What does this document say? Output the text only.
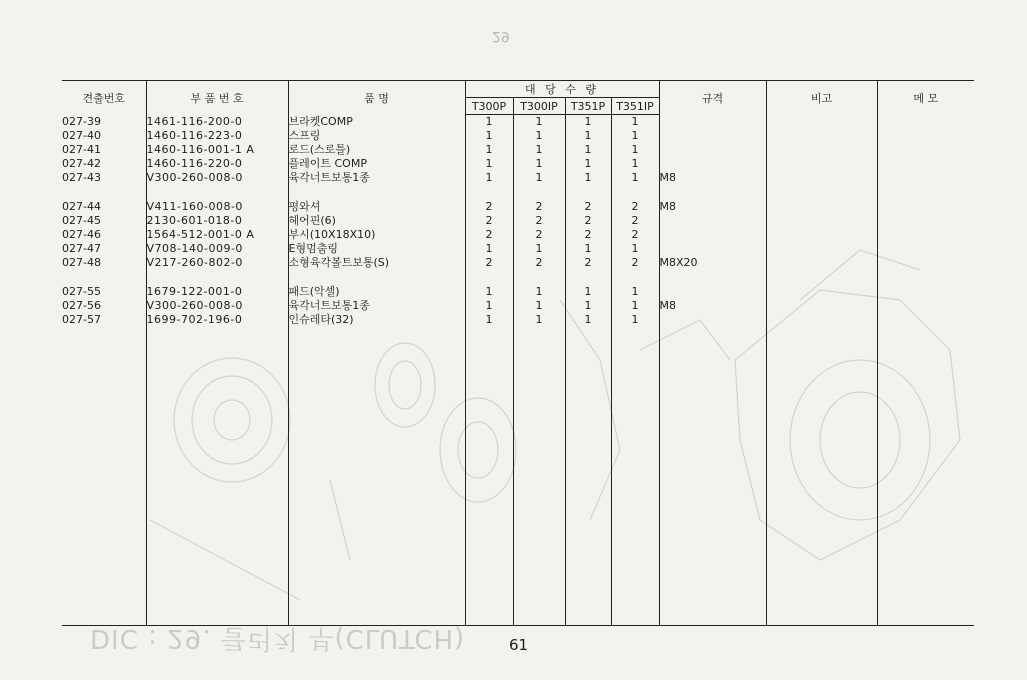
29
DIC : 29. 클러치 부(CLUTCH)
견출번호	부 품 번 호	품 명	대 당 수 량				규격	비고	메 모
			T300P	T300IP	T351P	T351IP			
027-39	1461-116-200-0	브라켓COMP	1	1	1	1			
027-40	1460-116-223-0	스프링	1	1	1	1			
027-41	1460-116-001-1 A	로드(스로틀)	1	1	1	1			
027-42	1460-116-220-0	플레이트 COMP	1	1	1	1			
027-43	V300-260-008-0	육각너트보통1종	1	1	1	1	M8		

027-44	V411-160-008-0	평와셔	2	2	2	2	M8		
027-45	2130-601-018-0	헤어핀(6)	2	2	2	2			
027-46	1564-512-001-0 A	부시(10X18X10)	2	2	2	2			
027-47	V708-140-009-0	E형멈춤링	1	1	1	1			
027-48	V217-260-802-0	소형육각볼트보통(S)	2	2	2	2	M8X20		

027-55	1679-122-001-0	패드(악셀)	1	1	1	1			
027-56	V300-260-008-0	육각너트보통1종	1	1	1	1	M8		
027-57	1699-702-196-0	인슈레타(32)	1	1	1	1			

61
